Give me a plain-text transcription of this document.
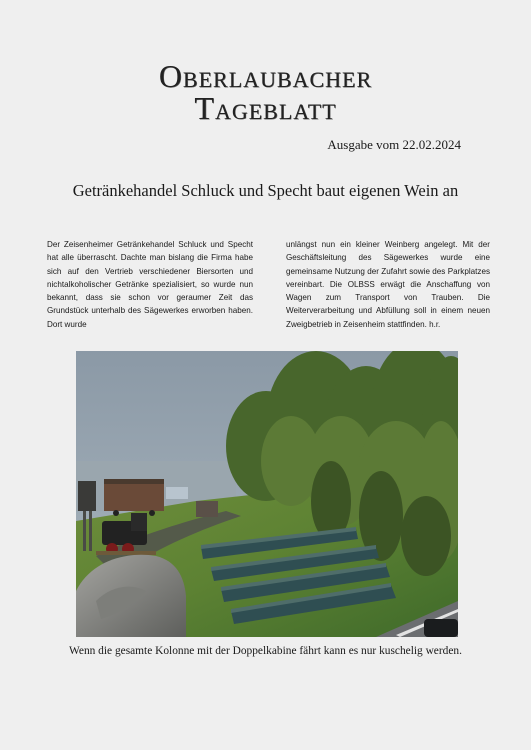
Oberlaubacher
Tageblatt
Ausgabe vom 22.02.2024
Getränkehandel Schluck und Specht baut eigenen Wein an
Der Zeisenheimer Getränkehandel Schluck und Specht hat alle überrascht. Dachte man bislang die Firma habe sich auf den Vertrieb verschiedener Biersorten und nichtalkoholischer Getränke spezialisiert, so wurde nun bekannt, dass sie schon vor geraumer Zeit das Grundstück unterhalb des Sägewerkes erworben haben. Dort wurde
unlängst nun ein kleiner Weinberg angelegt. Mit der Geschäftsleitung des Sägewerkes wurde eine gemeinsame Nutzung der Zufahrt sowie des Parkplatzes vereinbart. Die OLBSS erwägt die Anschaffung von Wagen zum Transport von Trauben. Die Weiterverarbeitung und Abfüllung soll in einem neuen Zweigbetrieb in Zeisenheim stattfinden. h.r.
Wenn die gesamte Kolonne mit der Doppelkabine fährt kann es nur kuschelig werden.
